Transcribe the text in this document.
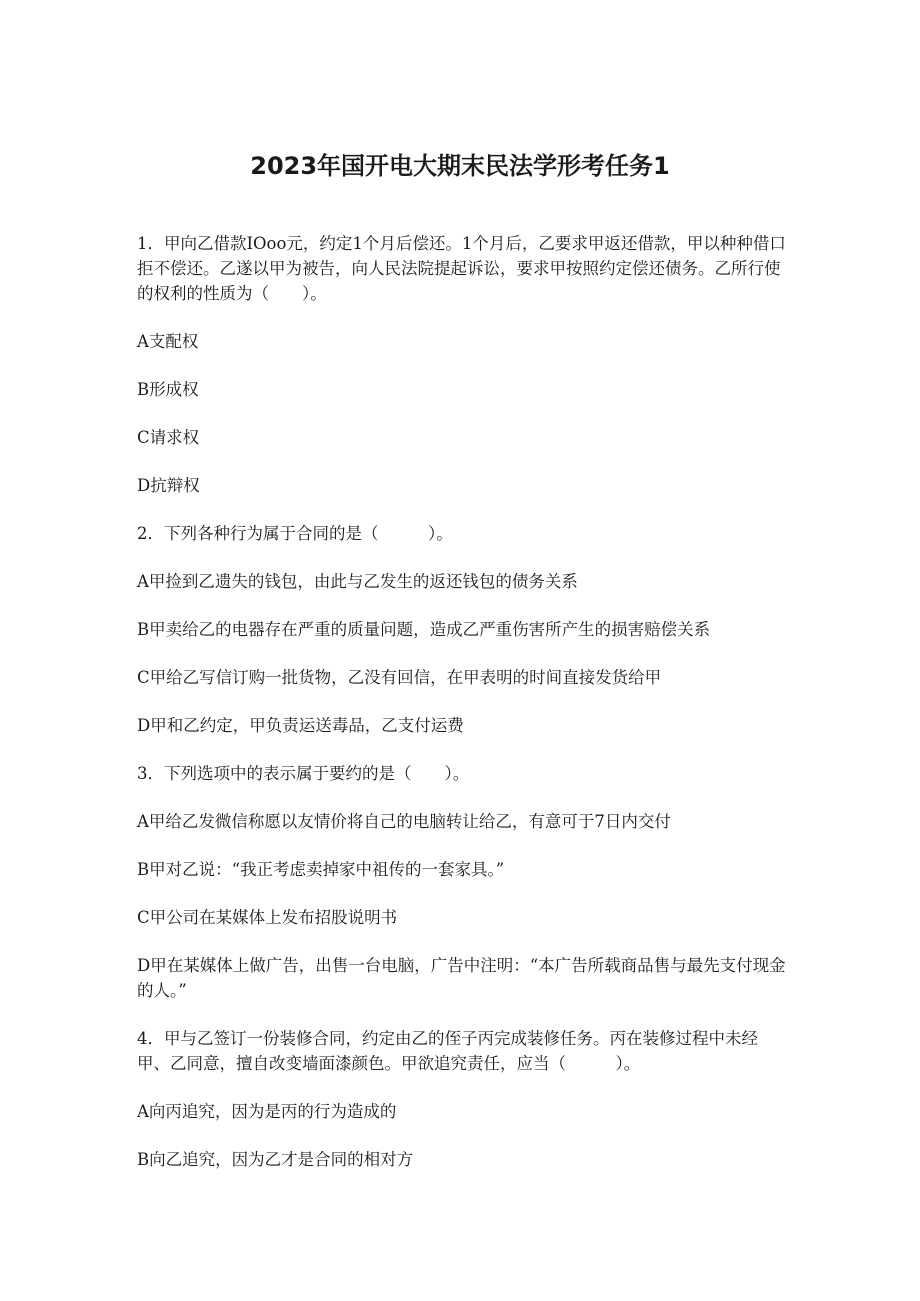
2023年国开电大期末民法学形考任务1

1．甲向乙借款IOoo元，约定1个月后偿还。1个月后，乙要求甲返还借款，甲以种种借口拒不偿还。乙遂以甲为被告，向人民法院提起诉讼，要求甲按照约定偿还债务。乙所行使的权利的性质为（　　）。

A支配权

B形成权

C请求权

D抗辩权

2．下列各种行为属于合同的是（　　　）。

A甲捡到乙遗失的钱包，由此与乙发生的返还钱包的债务关系

B甲卖给乙的电器存在严重的质量问题，造成乙严重伤害所产生的损害赔偿关系

C甲给乙写信订购一批货物，乙没有回信，在甲表明的时间直接发货给甲

D甲和乙约定，甲负责运送毒品，乙支付运费

3．下列选项中的表示属于要约的是（　　）。

A甲给乙发微信称愿以友情价将自己的电脑转让给乙，有意可于7日内交付

B甲对乙说：“我正考虑卖掉家中祖传的一套家具。”

C甲公司在某媒体上发布招股说明书

D甲在某媒体上做广告，出售一台电脑，广告中注明：“本广告所载商品售与最先支付现金的人。”

4．甲与乙签订一份装修合同，约定由乙的侄子丙完成装修任务。丙在装修过程中未经甲、乙同意，擅自改变墙面漆颜色。甲欲追究责任，应当（　　　）。

A向丙追究，因为是丙的行为造成的

B向乙追究，因为乙才是合同的相对方
